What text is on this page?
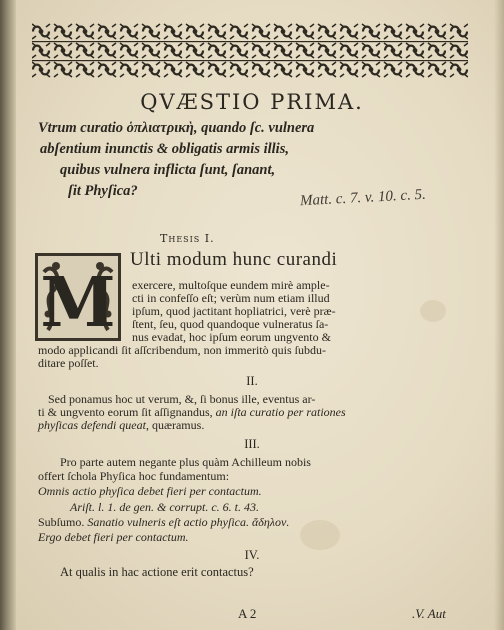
QVÆSTIO PRIMA.
Vtrum curatio ὁπλιατρικὴ, quando ſc. vulnera
abſentium inunctis & obligatis armis illis,
quibus vulnera inflicta ſunt, ſanant,
ſit Phyſica?	Matt. c. 7. v. 10. c. 5.
Thesis I.
M
Ulti modum hunc curandi
exercere, multoſque eundem mirè ample-
cti in confeſſo eſt; verùm num etiam illud
ipſum, quod jactitant hopliatrici, verè præ-
ſtent, ſeu, quod quandoque vulneratus ſa-
nus evadat, hoc ipſum eorum ungvento &
modo applicandi ſit aſſcribendum, non immeritò quis ſubdu-
ditare poſſet.
II.
Sed ponamus hoc ut verum, &, ſi bonus ille, eventus ar-
ti & ungvento eorum ſit aſſignandus, an iſta curatio per rationes
phyſicas defendi queat, quæramus.
III.
Pro parte autem negante plus quàm Achilleum nobis
offert ſchola Phyſica hoc fundamentum:
Omnis actio phyſica debet fieri per contactum.
Ariſt. l. 1. de gen. & corrupt. c. 6. t. 43.
Subſumo. Sanatio vulneris eſt actio phyſica. ἄδηλον.
Ergo debet fieri per contactum.
IV.
At qualis in hac actione erit contactus?
A 2	.V. Aut
